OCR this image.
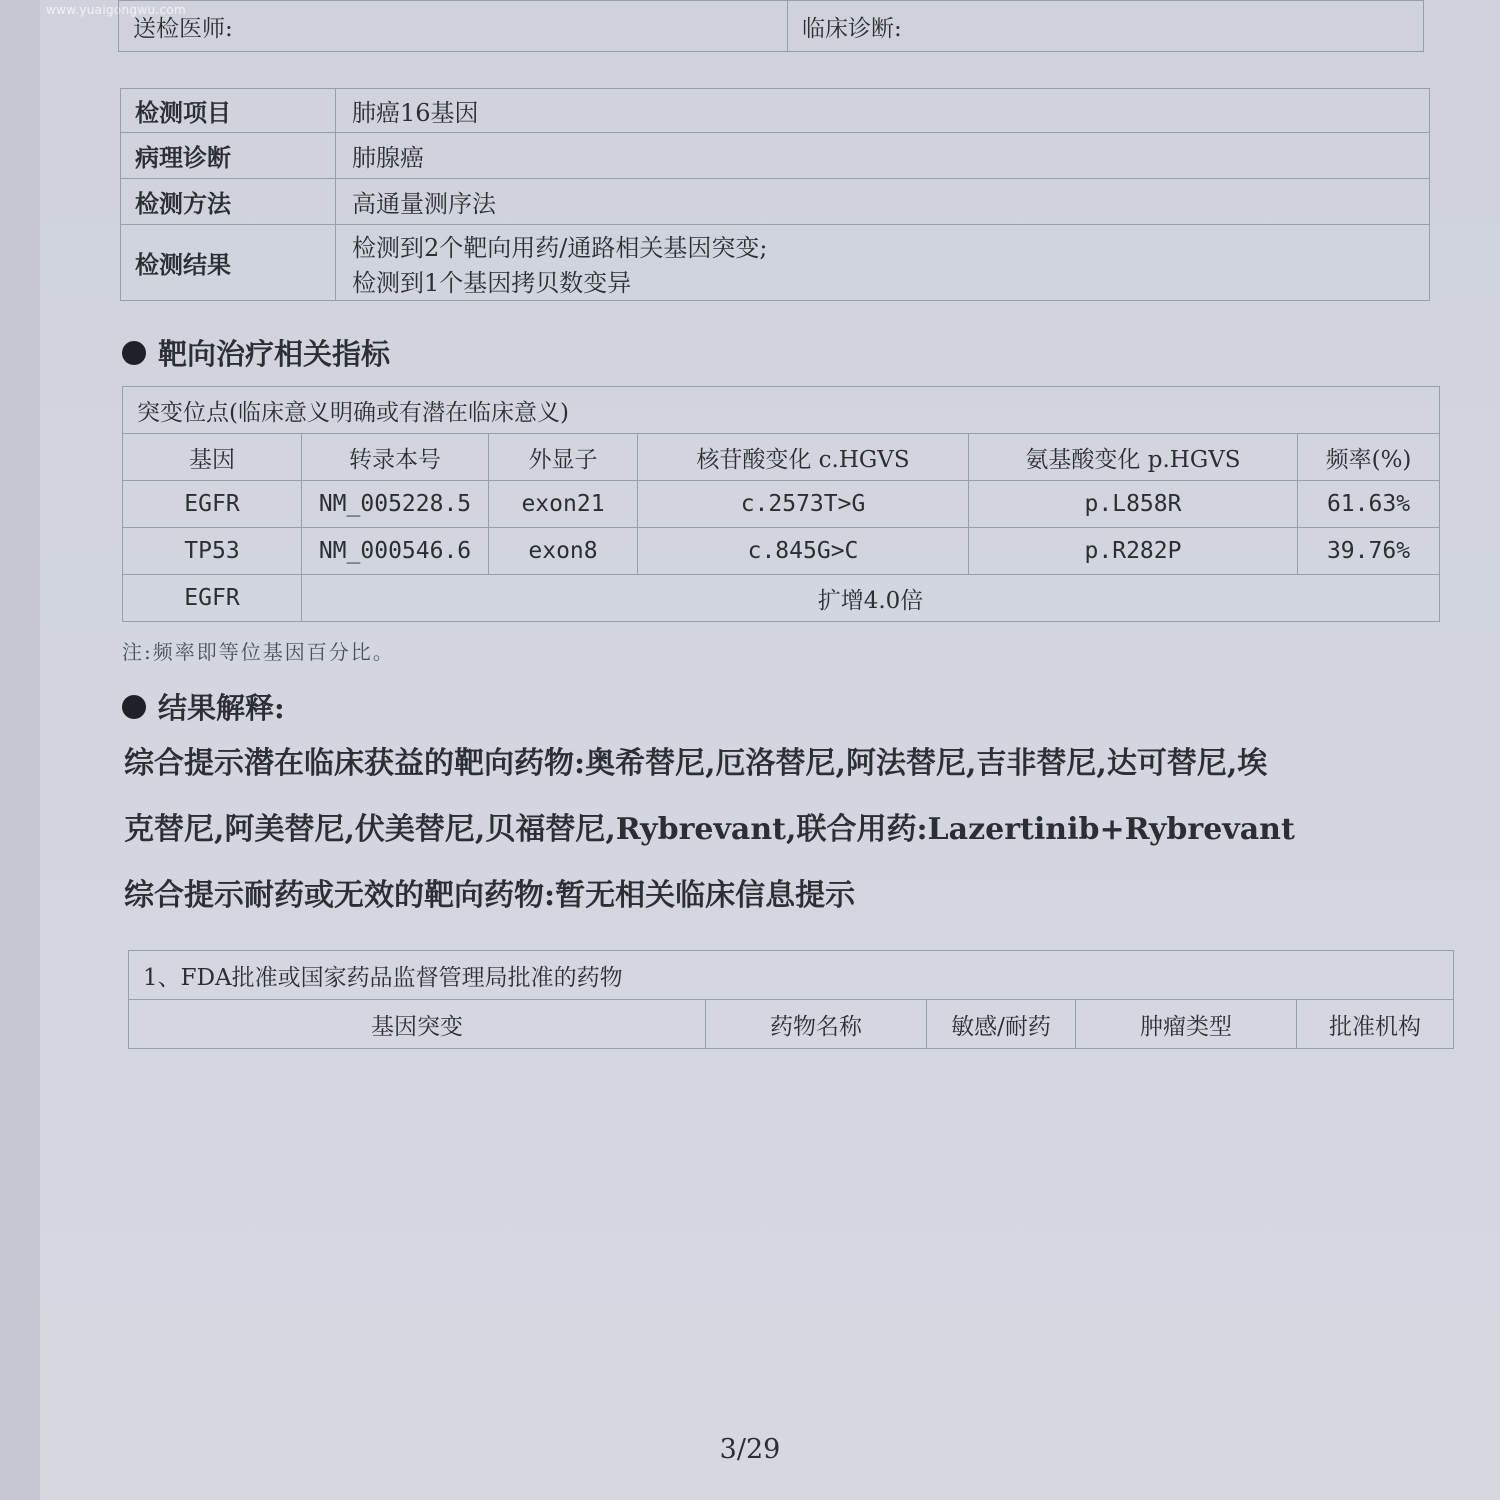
www.yuaigongwu.com
送检医师:	临床诊断:
检测项目	肺癌16基因
病理诊断	肺腺癌
检测方法	高通量测序法
检测结果	检测到2个靶向用药/通路相关基因突变;
检测到1个基因拷贝数变异
靶向治疗相关指标
突变位点(临床意义明确或有潜在临床意义)					
基因	转录本号	外显子	核苷酸变化 c.HGVS	氨基酸变化 p.HGVS	频率(%)
EGFR	NM_005228.5	exon21	c.2573T>G	p.L858R	61.63%
TP53	NM_000546.6	exon8	c.845G>C	p.R282P	39.76%
EGFR	扩增4.0倍				
注:频率即等位基因百分比。
结果解释:
综合提示潜在临床获益的靶向药物:奥希替尼,厄洛替尼,阿法替尼,吉非替尼,达可替尼,埃
克替尼,阿美替尼,伏美替尼,贝福替尼,Rybrevant,联合用药:Lazertinib+Rybrevant
综合提示耐药或无效的靶向药物:暂无相关临床信息提示
1、FDA批准或国家药品监督管理局批准的药物
基因突变	药物名称	敏感/耐药	肿瘤类型	批准机构
3/29
